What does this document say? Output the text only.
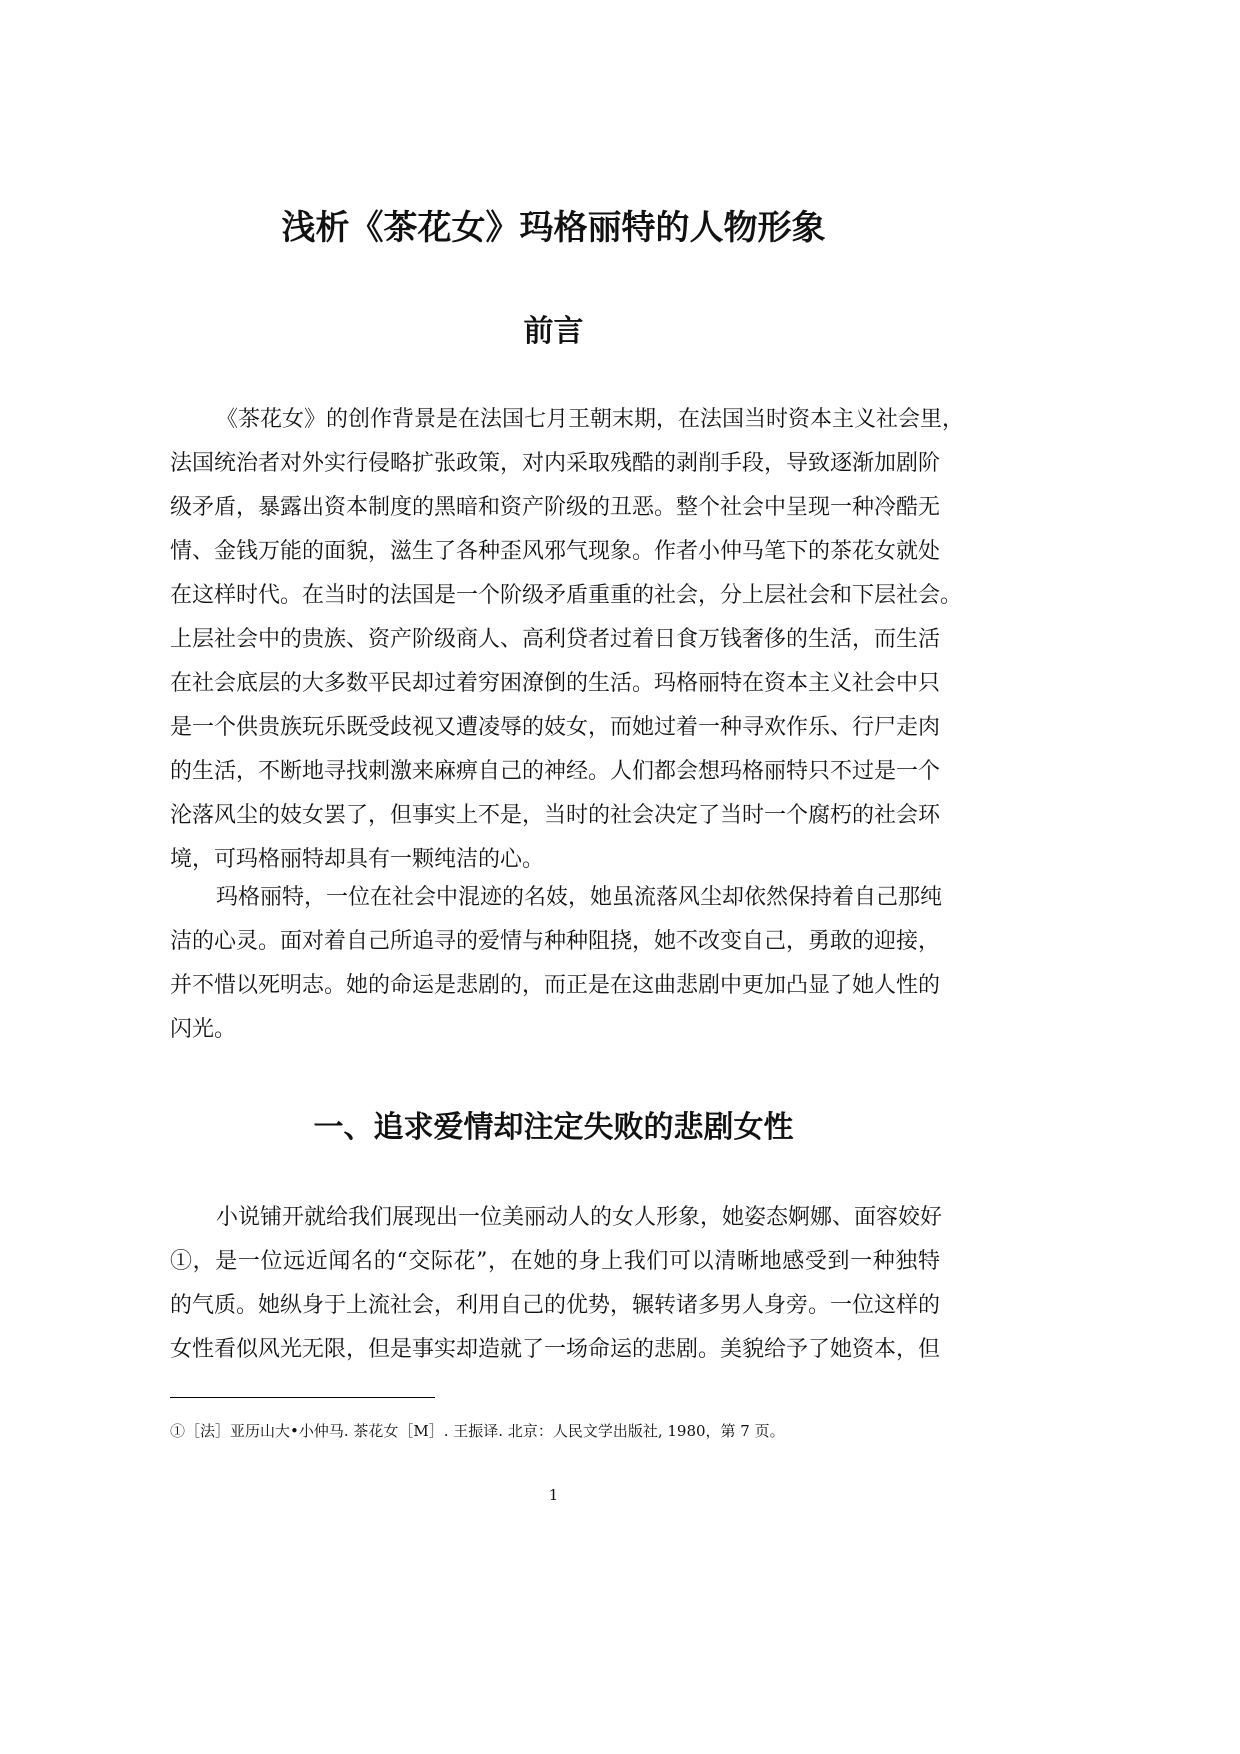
浅析《茶花女》玛格丽特的人物形象
前言
《茶花女》的创作背景是在法国七月王朝末期，在法国当时资本主义社会里，
法国统治者对外实行侵略扩张政策，对内采取残酷的剥削手段，导致逐渐加剧阶
级矛盾，暴露出资本制度的黑暗和资产阶级的丑恶。整个社会中呈现一种冷酷无
情、金钱万能的面貌，滋生了各种歪风邪气现象。作者小仲马笔下的茶花女就处
在这样时代。在当时的法国是一个阶级矛盾重重的社会，分上层社会和下层社会。
上层社会中的贵族、资产阶级商人、高利贷者过着日食万钱奢侈的生活，而生活
在社会底层的大多数平民却过着穷困潦倒的生活。玛格丽特在资本主义社会中只
是一个供贵族玩乐既受歧视又遭凌辱的妓女，而她过着一种寻欢作乐、行尸走肉
的生活，不断地寻找刺激来麻痹自己的神经。人们都会想玛格丽特只不过是一个
沦落风尘的妓女罢了，但事实上不是，当时的社会决定了当时一个腐朽的社会环
境，可玛格丽特却具有一颗纯洁的心。
玛格丽特，一位在社会中混迹的名妓，她虽流落风尘却依然保持着自己那纯
洁的心灵。面对着自己所追寻的爱情与种种阻挠，她不改变自己，勇敢的迎接，
并不惜以死明志。她的命运是悲剧的，而正是在这曲悲剧中更加凸显了她人性的
闪光。
一、追求爱情却注定失败的悲剧女性
小说铺开就给我们展现出一位美丽动人的女人形象，她姿态婀娜、面容姣好
①，是一位远近闻名的“交际花”，在她的身上我们可以清晰地感受到一种独特
的气质。她纵身于上流社会，利用自己的优势，辗转诸多男人身旁。一位这样的
女性看似风光无限，但是事实却造就了一场命运的悲剧。美貌给予了她资本，但
①［法］亚历山大•小仲马. 茶花女［M］. 王振译. 北京：人民文学出版社, 1980，第 7 页。
1
